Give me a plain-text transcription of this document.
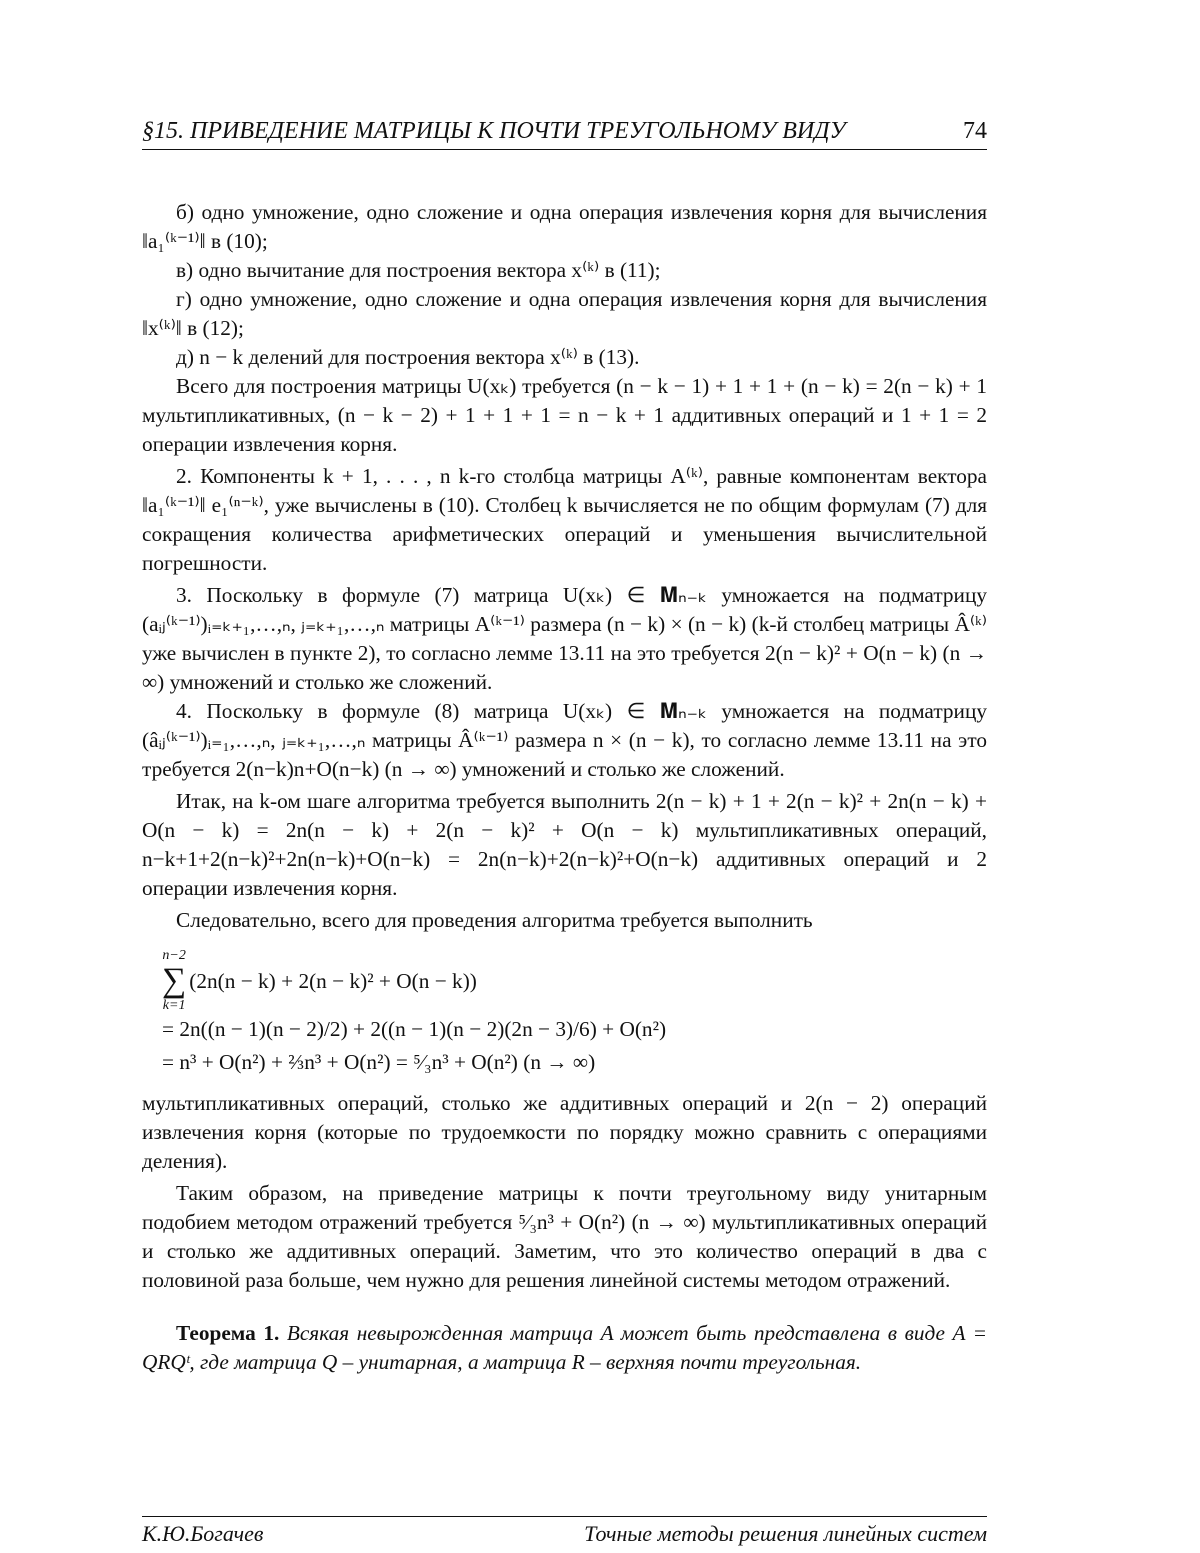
§15. ПРИВЕДЕНИЕ МАТРИЦЫ К ПОЧТИ ТРЕУГОЛЬНОМУ ВИДУ	74

б) одно умножение, одно сложение и одна операция извлечения корня для вычисления ‖a₁⁽ᵏ⁻¹⁾‖ в (10);

в) одно вычитание для построения вектора x⁽ᵏ⁾ в (11);

г) одно умножение, одно сложение и одна операция извлечения корня для вычисления ‖x⁽ᵏ⁾‖ в (12);

д) n − k делений для построения вектора x⁽ᵏ⁾ в (13).

Всего для построения матрицы U(xₖ) требуется (n − k − 1) + 1 + 1 + (n − k) = 2(n − k) + 1 мультипликативных, (n − k − 2) + 1 + 1 + 1 = n − k + 1 аддитивных операций и 1 + 1 = 2 операции извлечения корня.

2. Компоненты k + 1, . . . , n k-го столбца матрицы A⁽ᵏ⁾, равные компонентам вектора ‖a₁⁽ᵏ⁻¹⁾‖ e₁⁽ⁿ⁻ᵏ⁾, уже вычислены в (10). Столбец k вычисляется не по общим формулам (7) для сокращения количества арифметических операций и уменьшения вычислительной погрешности.

3. Поскольку в формуле (7) матрица U(xₖ) ∈ 𝐌ₙ₋ₖ умножается на подматрицу (aᵢⱼ⁽ᵏ⁻¹⁾)ᵢ₌ₖ₊₁,…,ₙ, ⱼ₌ₖ₊₁,…,ₙ матрицы A⁽ᵏ⁻¹⁾ размера (n − k) × (n − k) (k-й столбец матрицы Â⁽ᵏ⁾ уже вычислен в пункте 2), то согласно лемме 13.11 на это требуется 2(n − k)² + O(n − k) (n → ∞) умножений и столько же сложений.

4. Поскольку в формуле (8) матрица U(xₖ) ∈ 𝐌ₙ₋ₖ умножается на подматрицу (âᵢⱼ⁽ᵏ⁻¹⁾)ᵢ₌₁,…,ₙ, ⱼ₌ₖ₊₁,…,ₙ матрицы Â⁽ᵏ⁻¹⁾ размера n × (n − k), то согласно лемме 13.11 на это требуется 2(n−k)n+O(n−k) (n → ∞) умножений и столько же сложений.

Итак, на k-ом шаге алгоритма требуется выполнить 2(n − k) + 1 + 2(n − k)² + 2n(n − k) + O(n − k) = 2n(n − k) + 2(n − k)² + O(n − k) мультипликативных операций, n−k+1+2(n−k)²+2n(n−k)+O(n−k) = 2n(n−k)+2(n−k)²+O(n−k) аддитивных операций и 2 операции извлечения корня.

Следовательно, всего для проведения алгоритма требуется выполнить

n−2
∑
k=1
(2n(n − k) + 2(n − k)² + O(n − k))
= 2n((n − 1)(n − 2)/2) + 2((n − 1)(n − 2)(2n − 3)/6) + O(n²)
= n³ + O(n²) + ⅔n³ + O(n²) = ⁵⁄₃n³ + O(n²) (n → ∞)

мультипликативных операций, столько же аддитивных операций и 2(n − 2) операций извлечения корня (которые по трудоемкости по порядку можно сравнить с операциями деления).

Таким образом, на приведение матрицы к почти треугольному виду унитарным подобием методом отражений требуется ⁵⁄₃n³ + O(n²) (n → ∞) мультипликативных операций и столько же аддитивных операций. Заметим, что это количество операций в два с половиной раза больше, чем нужно для решения линейной системы методом отражений.

Теорема 1. Всякая невырожденная матрица A может быть представлена в виде A = QRQᵗ, где матрица Q – унитарная, а матрица R – верхняя почти треугольная.
К.Ю.Богачев	Точные методы решения линейных систем
